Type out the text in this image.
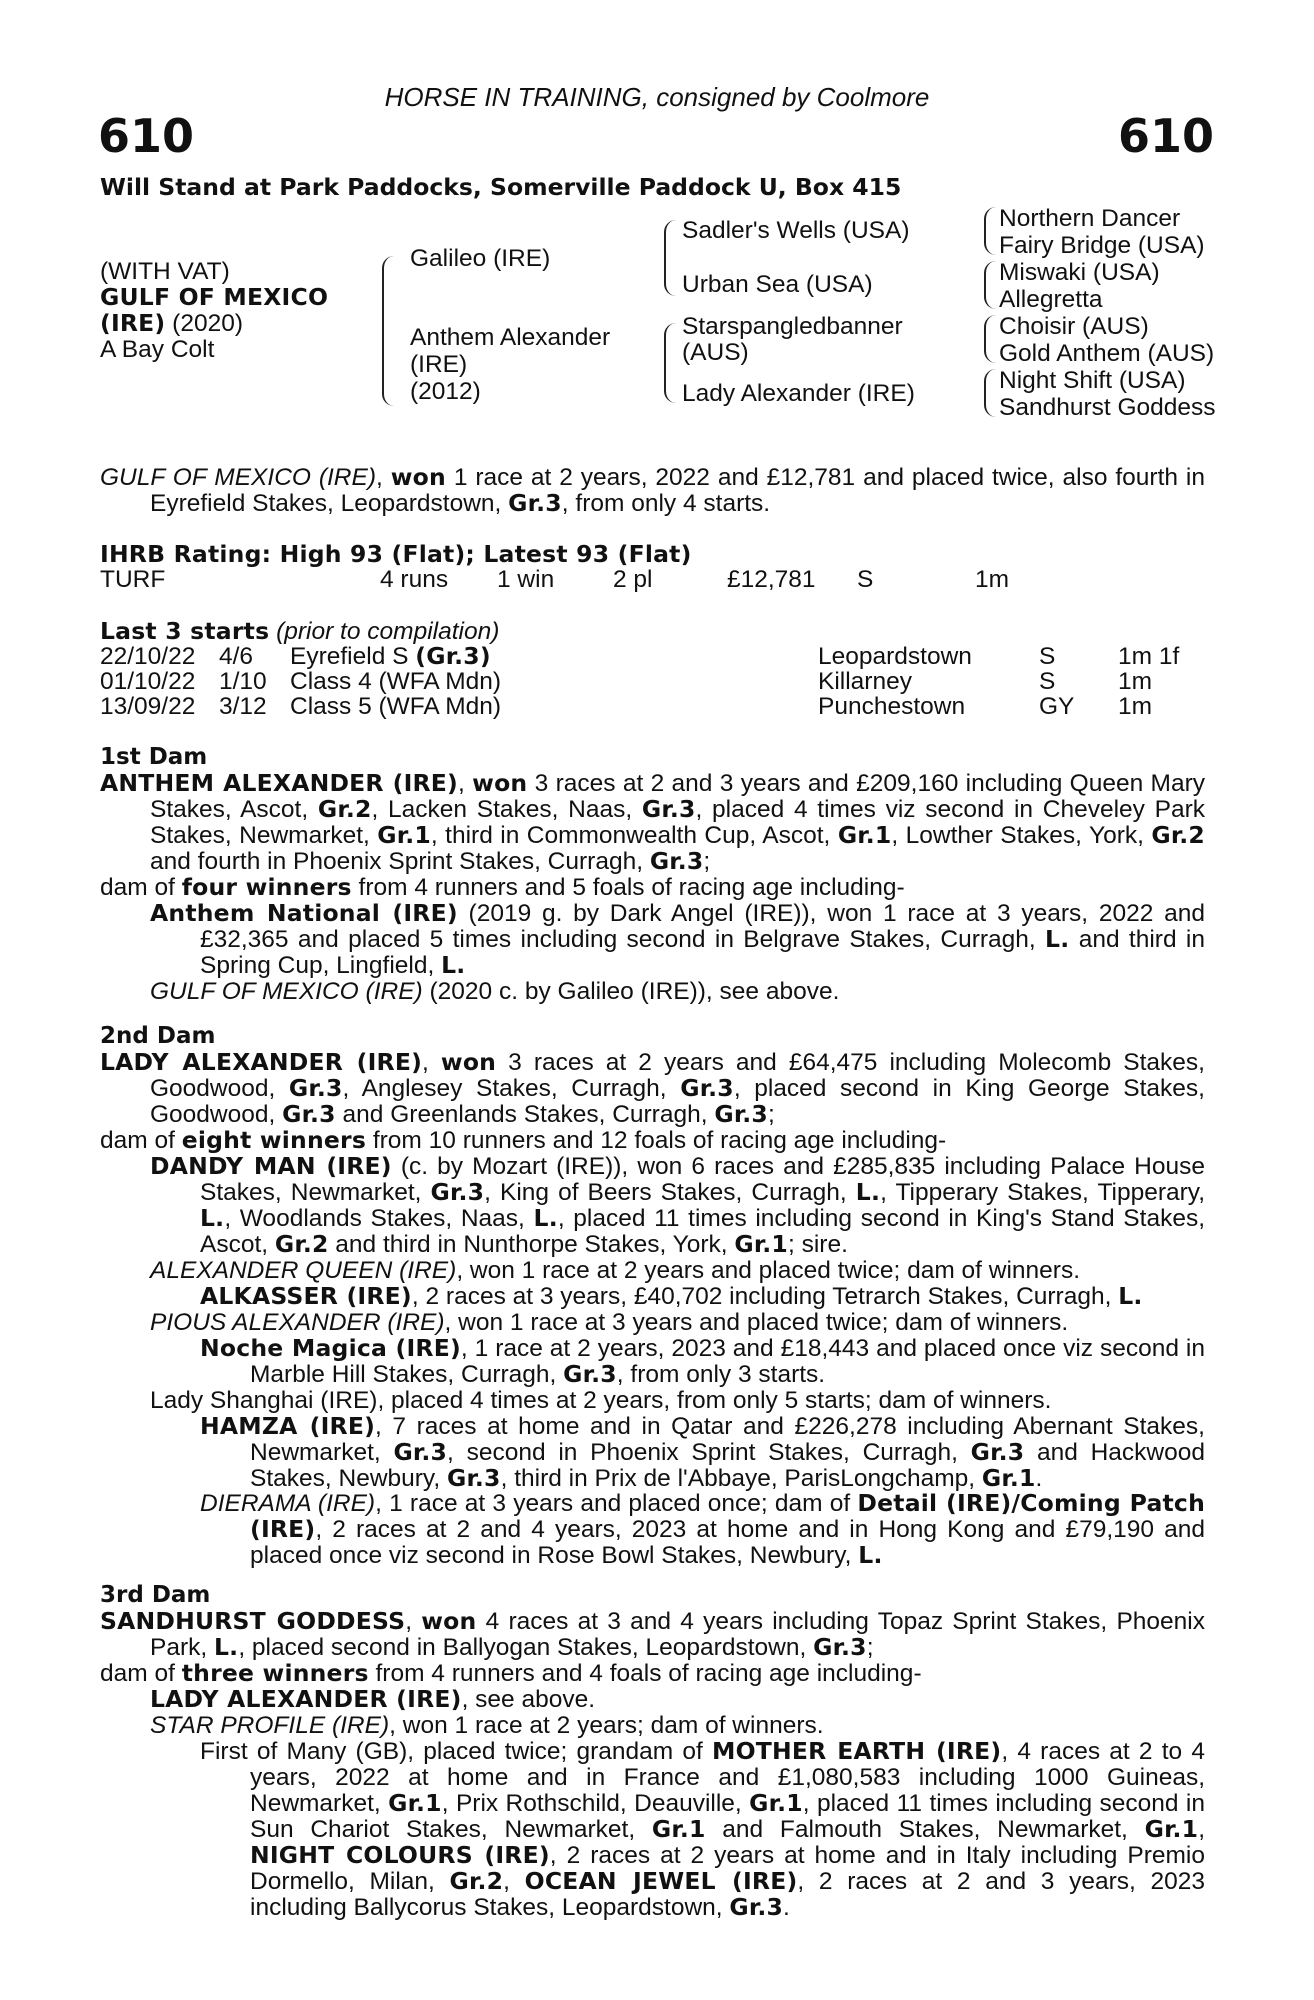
HORSE IN TRAINING, consigned by Coolmore
610	610
Will Stand at Park Paddocks, Somerville Paddock U, Box 415
(WITH VAT)
GULF OF MEXICO
(IRE) (2020)
A Bay Colt
Galileo (IRE)
Anthem Alexander
(IRE)
(2012)
Sadler's Wells (USA)
Urban Sea (USA)
Starspangledbanner
(AUS)
Lady Alexander (IRE)
Northern Dancer
Fairy Bridge (USA)
Miswaki (USA)
Allegretta
Choisir (AUS)
Gold Anthem (AUS)
Night Shift (USA)
Sandhurst Goddess

GULF OF MEXICO (IRE), won 1 race at 2 years, 2022 and £12,781 and placed twice, also fourth in Eyrefield Stakes, Leopardstown, Gr.3, from only 4 starts.

IHRB Rating: High 93 (Flat); Latest 93 (Flat)
TURF	4 runs 1 win 2 pl	£12,781 S	1m
Last 3 starts (prior to compilation)
22/10/22 4/6 Eyrefield S (Gr.3)	Leopardstown	S	1m 1f
01/10/22 1/10 Class 4 (WFA Mdn)	Killarney	S	1m
13/09/22 3/12 Class 5 (WFA Mdn)	Punchestown	GY 1m
1st Dam

ANTHEM ALEXANDER (IRE), won 3 races at 2 and 3 years and £209,160 including Queen Mary Stakes, Ascot, Gr.2, Lacken Stakes, Naas, Gr.3, placed 4 times viz second in Cheveley Park Stakes, Newmarket, Gr.1, third in Commonwealth Cup, Ascot, Gr.1, Lowther Stakes, York, Gr.2 and fourth in Phoenix Sprint Stakes, Curragh, Gr.3;

dam of four winners from 4 runners and 5 foals of racing age including-

Anthem National (IRE) (2019 g. by Dark Angel (IRE)), won 1 race at 3 years, 2022 and £32,365 and placed 5 times including second in Belgrave Stakes, Curragh, L. and third in Spring Cup, Lingfield, L.

GULF OF MEXICO (IRE) (2020 c. by Galileo (IRE)), see above.

2nd Dam

LADY ALEXANDER (IRE), won 3 races at 2 years and £64,475 including Molecomb Stakes, Goodwood, Gr.3, Anglesey Stakes, Curragh, Gr.3, placed second in King George Stakes, Goodwood, Gr.3 and Greenlands Stakes, Curragh, Gr.3;

dam of eight winners from 10 runners and 12 foals of racing age including-

DANDY MAN (IRE) (c. by Mozart (IRE)), won 6 races and £285,835 including Palace House Stakes, Newmarket, Gr.3, King of Beers Stakes, Curragh, L., Tipperary Stakes, Tipperary, L., Woodlands Stakes, Naas, L., placed 11 times including second in King's Stand Stakes, Ascot, Gr.2 and third in Nunthorpe Stakes, York, Gr.1; sire.

ALEXANDER QUEEN (IRE), won 1 race at 2 years and placed twice; dam of winners.

ALKASSER (IRE), 2 races at 3 years, £40,702 including Tetrarch Stakes, Curragh, L.

PIOUS ALEXANDER (IRE), won 1 race at 3 years and placed twice; dam of winners.

Noche Magica (IRE), 1 race at 2 years, 2023 and £18,443 and placed once viz second in Marble Hill Stakes, Curragh, Gr.3, from only 3 starts.

Lady Shanghai (IRE), placed 4 times at 2 years, from only 5 starts; dam of winners.

HAMZA (IRE), 7 races at home and in Qatar and £226,278 including Abernant Stakes, Newmarket, Gr.3, second in Phoenix Sprint Stakes, Curragh, Gr.3 and Hackwood Stakes, Newbury, Gr.3, third in Prix de l'Abbaye, ParisLongchamp, Gr.1.

DIERAMA (IRE), 1 race at 3 years and placed once; dam of Detail (IRE)/Coming Patch (IRE), 2 races at 2 and 4 years, 2023 at home and in Hong Kong and £79,190 and placed once viz second in Rose Bowl Stakes, Newbury, L.

3rd Dam

SANDHURST GODDESS, won 4 races at 3 and 4 years including Topaz Sprint Stakes, Phoenix Park, L., placed second in Ballyogan Stakes, Leopardstown, Gr.3;

dam of three winners from 4 runners and 4 foals of racing age including-

LADY ALEXANDER (IRE), see above.

STAR PROFILE (IRE), won 1 race at 2 years; dam of winners.

First of Many (GB), placed twice; grandam of MOTHER EARTH (IRE), 4 races at 2 to 4 years, 2022 at home and in France and £1,080,583 including 1000 Guineas, Newmarket, Gr.1, Prix Rothschild, Deauville, Gr.1, placed 11 times including second in Sun Chariot Stakes, Newmarket, Gr.1 and Falmouth Stakes, Newmarket, Gr.1, NIGHT COLOURS (IRE), 2 races at 2 years at home and in Italy including Premio Dormello, Milan, Gr.2, OCEAN JEWEL (IRE), 2 races at 2 and 3 years, 2023 including Ballycorus Stakes, Leopardstown, Gr.3.
